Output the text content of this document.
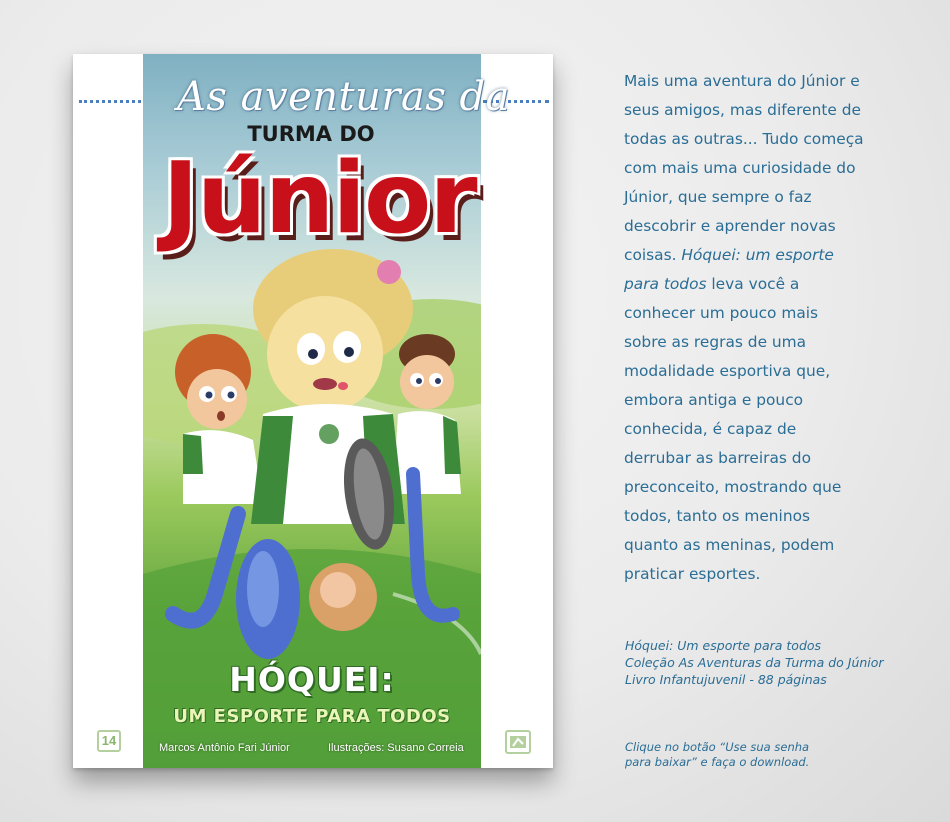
As aventuras da
TURMA DO
Júnior
HÓQUEI:
UM ESPORTE PARA TODOS
Marcos Antônio Fari Júnior	Ilustrações: Susano Correia
14

Mais uma aventura do Júnior e seus amigos, mas diferente de todas as outras... Tudo começa com mais uma curiosidade do Júnior, que sempre o faz descobrir e aprender novas coisas. Hóquei: um esporte para todos leva você a conhecer um pouco mais sobre as regras de uma modalidade esportiva que, embora antiga e pouco conhecida, é capaz de derrubar as barreiras do preconceito, mostrando que todos, tanto os meninos quanto as meninas, podem praticar esportes.

Hóquei: Um esporte para todos
Coleção As Aventuras da Turma do Júnior
Livro Infantujuvenil - 88 páginas
Clique no botão “Use sua senha
para baixar” e faça o download.
